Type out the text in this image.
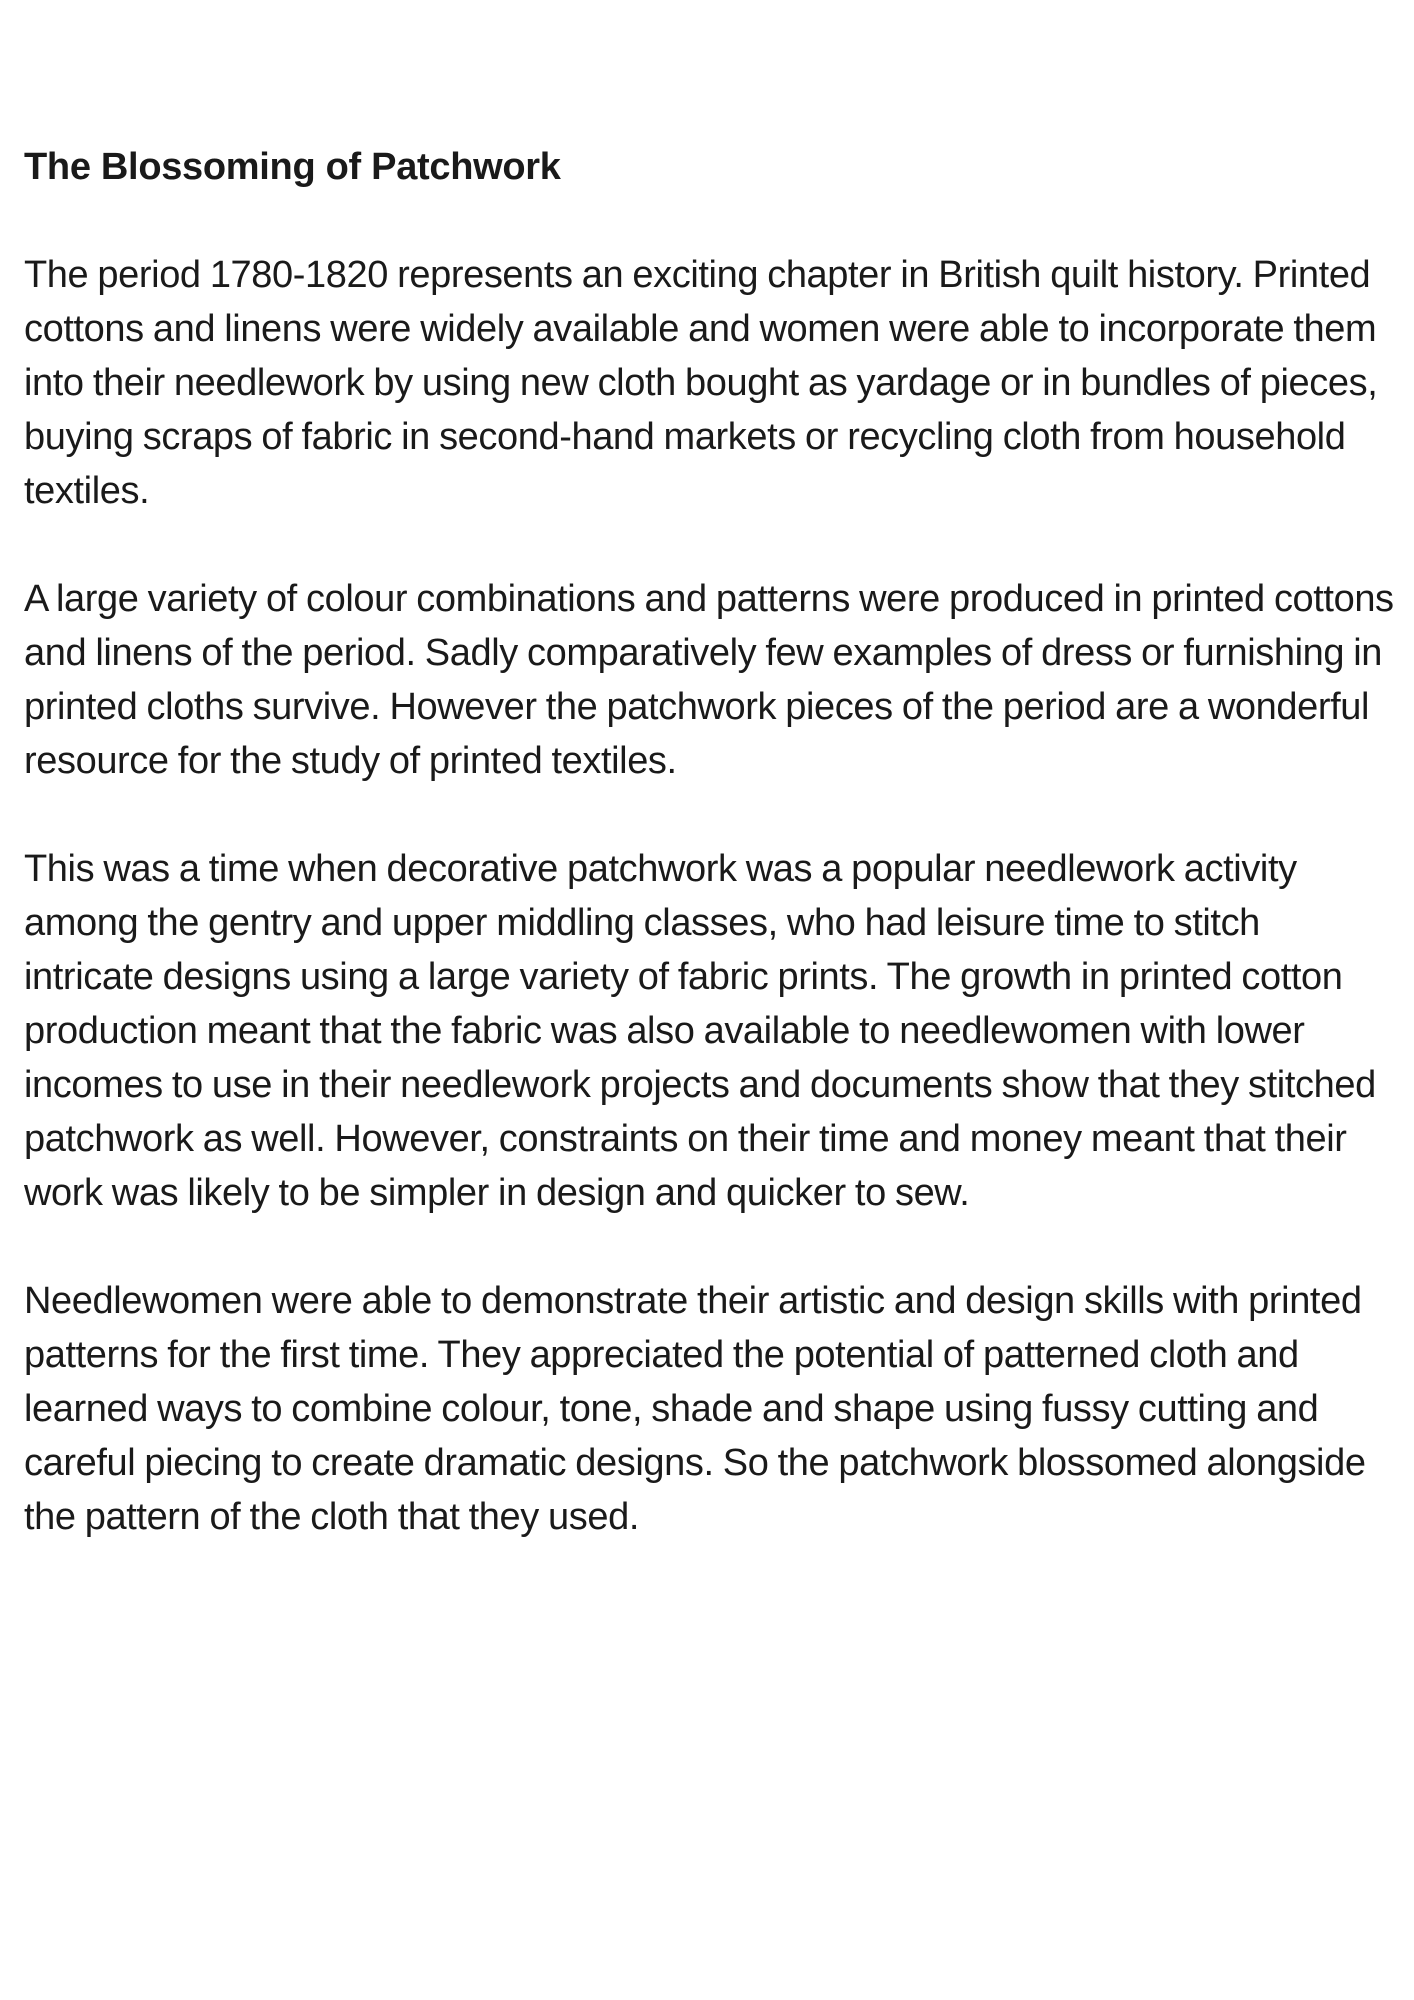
The Blossoming of Patchwork

The period 1780-1820 represents an exciting chapter in British quilt history. Printed cottons and linens were widely available and women were able to incorporate them into their needlework by using new cloth bought as yardage or in bundles of pieces, buying scraps of fabric in second-hand markets or recycling cloth from household textiles.

A large variety of colour combinations and patterns were produced in printed cottons and linens of the period. Sadly comparatively few examples of dress or furnishing in printed cloths survive. However the patchwork pieces of the period are a wonderful resource for the study of printed textiles.

This was a time when decorative patchwork was a popular needlework activity among the gentry and upper middling classes, who had leisure time to stitch intricate designs using a large variety of fabric prints. The growth in printed cotton production meant that the fabric was also available to needlewomen with lower incomes to use in their needlework projects and documents show that they stitched patchwork as well. However, constraints on their time and money meant that their work was likely to be simpler in design and quicker to sew.

Needlewomen were able to demonstrate their artistic and design skills with printed patterns for the first time. They appreciated the potential of patterned cloth and learned ways to combine colour, tone, shade and shape using fussy cutting and careful piecing to create dramatic designs. So the patchwork blossomed alongside the pattern of the cloth that they used.
